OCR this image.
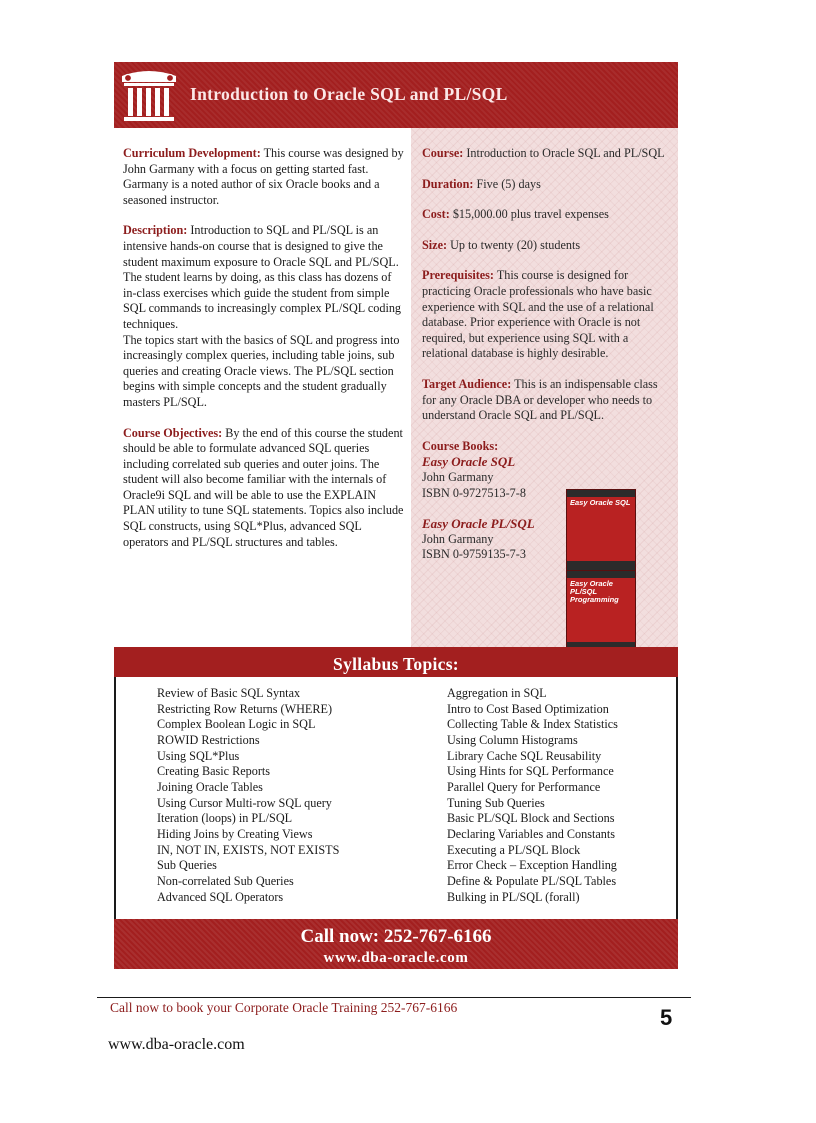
Introduction to Oracle SQL and PL/SQL

Curriculum Development: This course was designed by John Garmany with a focus on getting started fast. Garmany is a noted author of six Oracle books and a seasoned instructor.

Description: Introduction to SQL and PL/SQL is an intensive hands-on course that is designed to give the student maximum exposure to Oracle SQL and PL/SQL. The student learns by doing, as this class has dozens of in-class exercises which guide the student from simple SQL commands to increasingly complex PL/SQL coding techniques.

The topics start with the basics of SQL and progress into increasingly complex queries, including table joins, sub queries and creating Oracle views. The PL/SQL section begins with simple concepts and the student gradually masters PL/SQL.

Course Objectives: By the end of this course the student should be able to formulate advanced SQL queries including correlated sub queries and outer joins. The student will also become familiar with the internals of Oracle9i SQL and will be able to use the EXPLAIN PLAN utility to tune SQL statements. Topics also include SQL constructs, using SQL*Plus, advanced SQL operators and PL/SQL structures and tables.

Course: Introduction to Oracle SQL and PL/SQL

Duration: Five (5) days

Cost: $15,000.00 plus travel expenses

Size: Up to twenty (20) students

Prerequisites: This course is designed for practicing Oracle professionals who have basic experience with SQL and the use of a relational database. Prior experience with Oracle is not required, but experience using SQL with a relational database is highly desirable.

Target Audience: This is an indispensable class for any Oracle DBA or developer who needs to understand Oracle SQL and PL/SQL.

Course Books:
Easy Oracle SQL
John Garmany
ISBN 0-9727513-7-8
Easy Oracle PL/SQL
John Garmany
ISBN 0-9759135-7-3
Easy Oracle SQL
Easy Oracle PL/SQL Programming
Syllabus Topics:
Review of Basic SQL Syntax
Restricting Row Returns (WHERE)
Complex Boolean Logic in SQL
ROWID Restrictions
Using SQL*Plus
Creating Basic Reports
Joining Oracle Tables
Using Cursor Multi-row SQL query
Iteration (loops) in PL/SQL
Hiding Joins by Creating Views
IN, NOT IN, EXISTS, NOT EXISTS
Sub Queries
Non-correlated Sub Queries
Advanced SQL Operators
Aggregation in SQL
Intro to Cost Based Optimization
Collecting Table & Index Statistics
Using Column Histograms
Library Cache SQL Reusability
Using Hints for SQL Performance
Parallel Query for Performance
Tuning Sub Queries
Basic PL/SQL Block and Sections
Declaring Variables and Constants
Executing a PL/SQL Block
Error Check – Exception Handling
Define & Populate PL/SQL Tables
Bulking in PL/SQL (forall)
Call now: 252-767-6166
www.dba-oracle.com
Call now to book your Corporate Oracle Training 252-767-6166	5
www.dba-oracle.com
